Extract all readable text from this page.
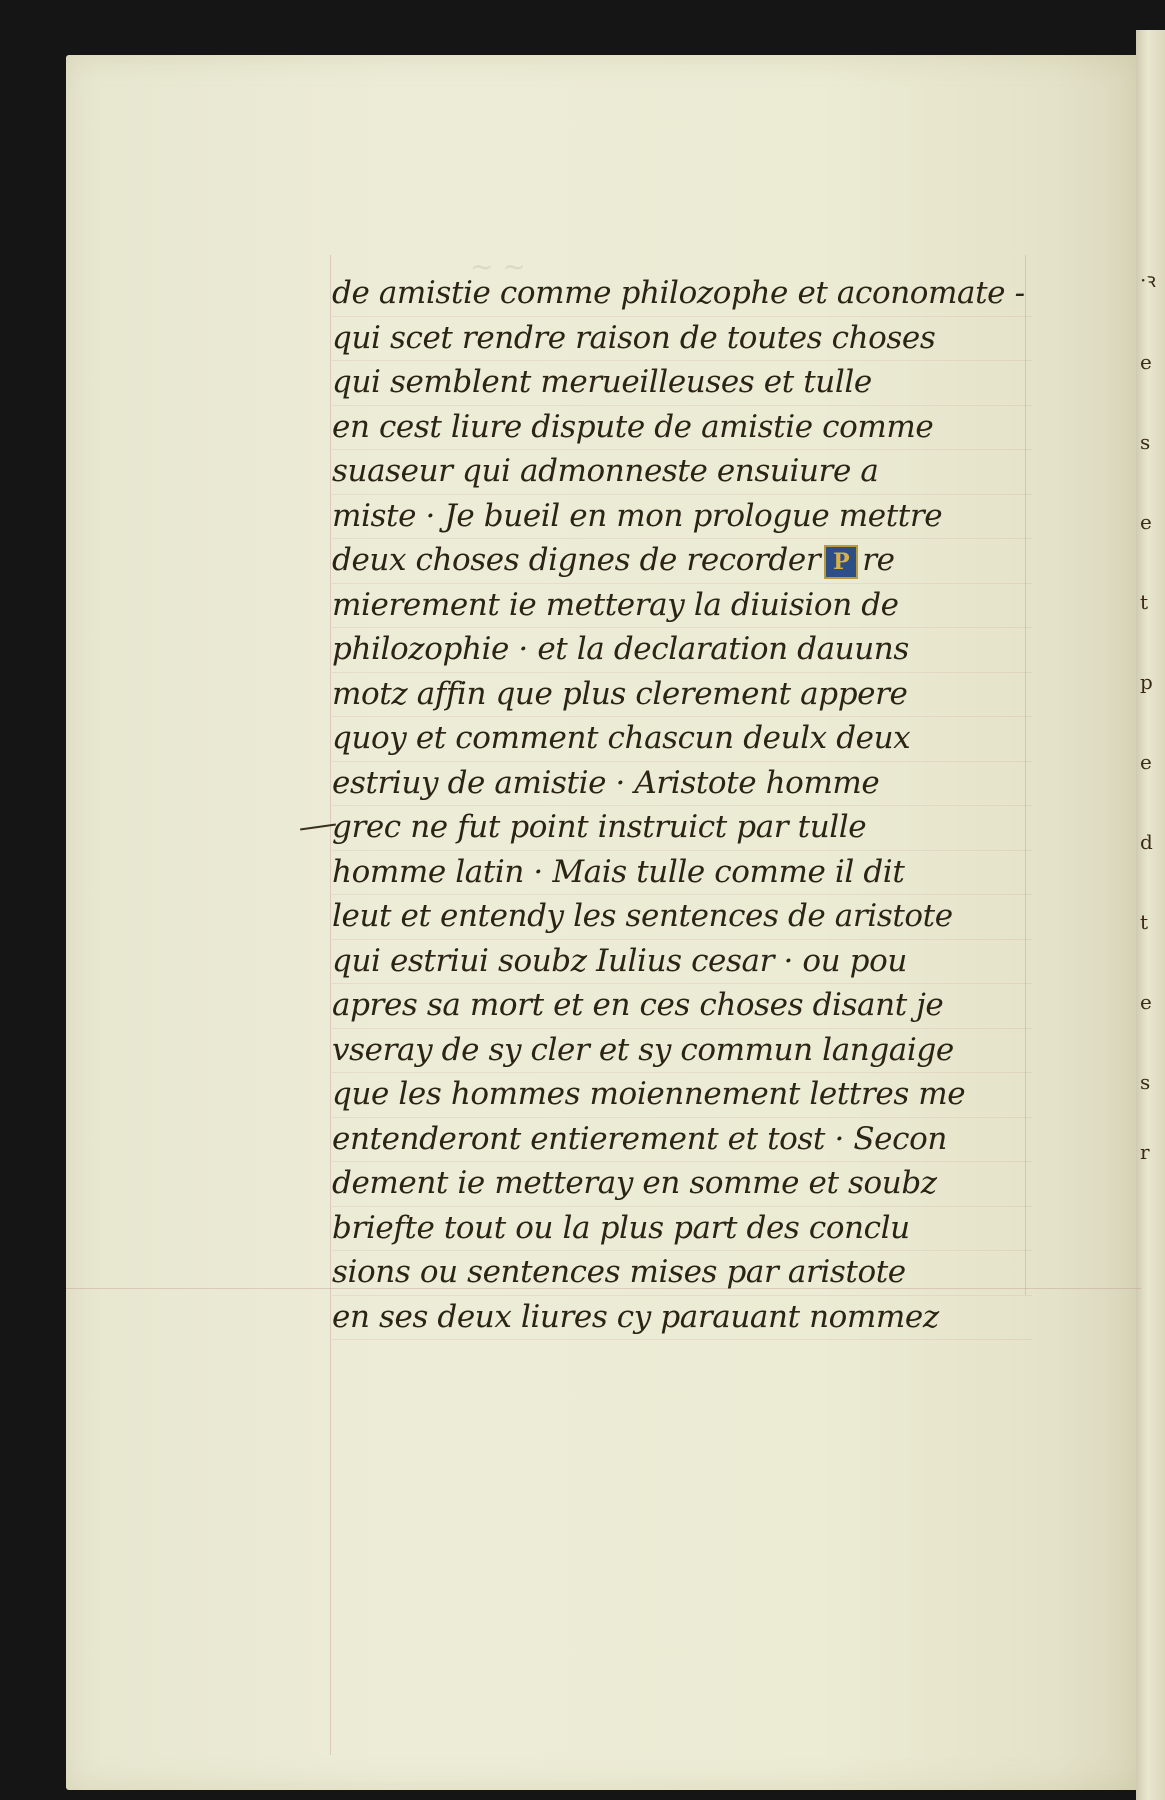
·ꝛ
e
s
e
t
p
e
d
t
e
s
r
~ ~
de amistie comme philozophe et aconomate ‑
qui scet rendre raison de toutes choses
qui semblent merueilleuses et tulle
en cest liure dispute de amistie comme
suaseur qui admonneste ensuiure a
miste · Je bueil en mon prologue mettre
deux choses dignes de recorder P re
mierement ie metteray la diuision de
philozophie · et la declaration dauuns
motz affin que plus clerement appere
quoy et comment chascun deulx deux
estriuy de amistie · Aristote homme
grec ne fut point instruict par tulle
homme latin · Mais tulle comme il dit
leut et entendy les sentences de aristote
qui estriui soubz Iulius cesar · ou pou
apres sa mort et en ces choses disant je
vseray de sy cler et sy commun langaige
que les hommes moiennement lettres me
entenderont entierement et tost · Secon
dement ie metteray en somme et soubz
briefte tout ou la plus part des conclu
sions ou sentences mises par aristote
en ses deux liures cy parauant nommez
